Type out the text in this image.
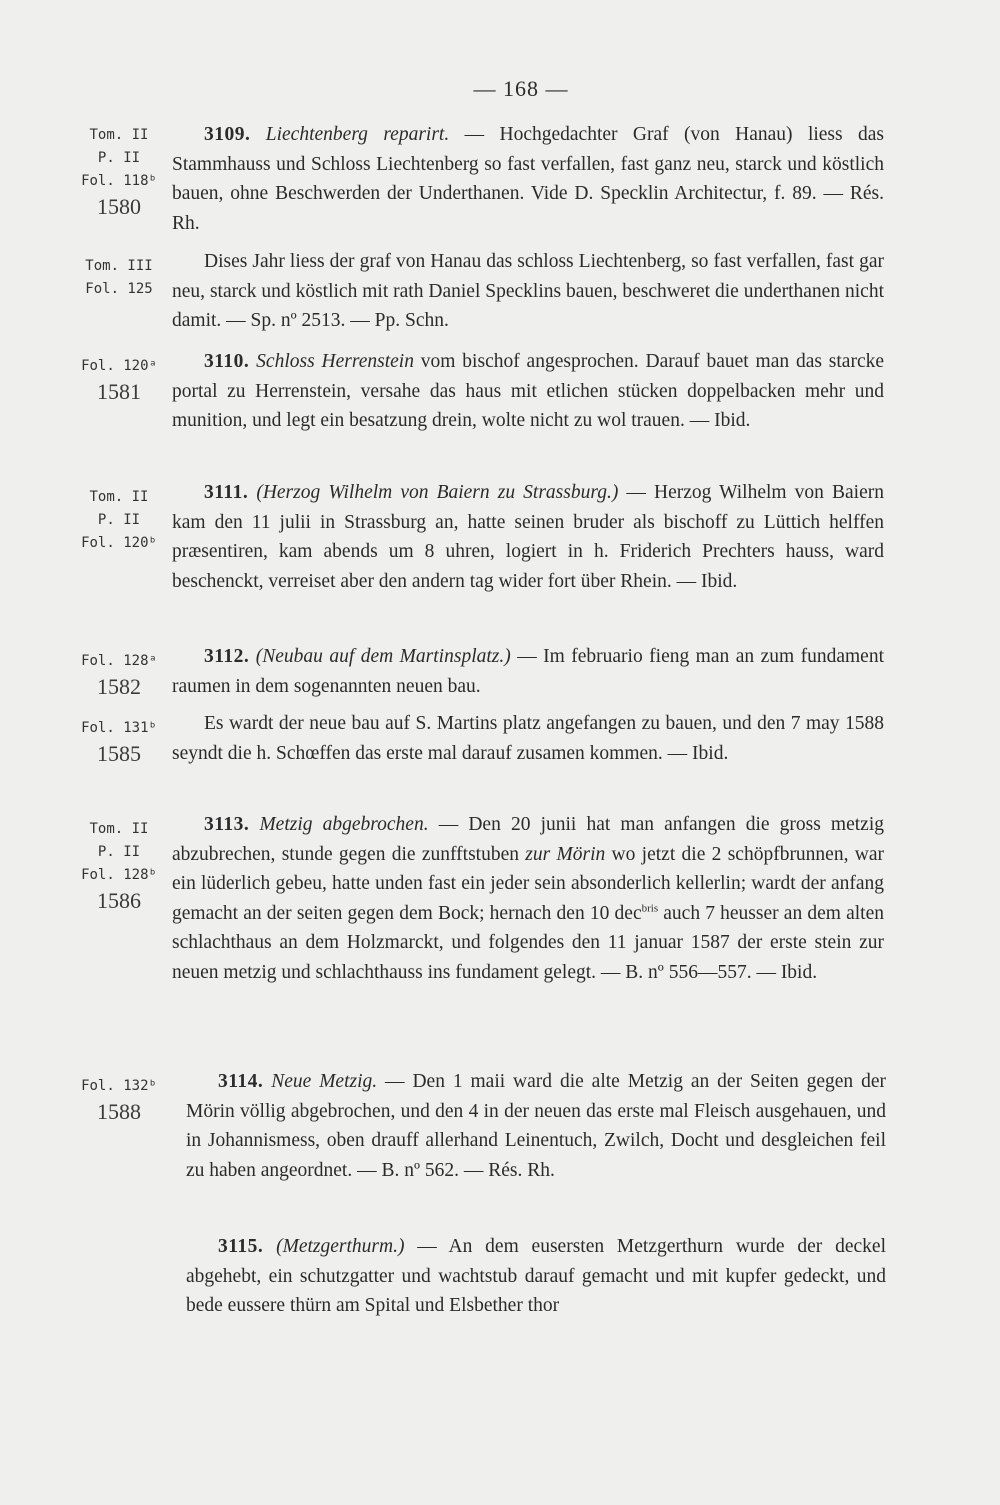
— 168 —
Tom. II
P. II
Fol. 118ᵇ
1580
Tom. III
Fol. 125
Fol. 120ᵃ
1581
Tom. II
P. II
Fol. 120ᵇ
Fol. 128ᵃ
1582
Fol. 131ᵇ
1585
Tom. II
P. II
Fol. 128ᵇ
1586
Fol. 132ᵇ
1588
3109. Liechtenberg reparirt. — Hochgedachter Graf (von Hanau) liess das Stammhauss und Schloss Liechtenberg so fast verfallen, fast ganz neu, starck und köstlich bauen, ohne Beschwerden der Underthanen. Vide D. Specklin Architectur, f. 89. — Rés. Rh.
Dises Jahr liess der graf von Hanau das schloss Liechtenberg, so fast verfallen, fast gar neu, starck und köstlich mit rath Daniel Specklins bauen, beschweret die underthanen nicht damit. — Sp. nº 2513. — Pp. Schn.
3110. Schloss Herrenstein vom bischof angesprochen. Darauf bauet man das starcke portal zu Herrenstein, versahe das haus mit etlichen stücken doppelbacken mehr und munition, und legt ein besatzung drein, wolte nicht zu wol trauen. — Ibid.
3111. (Herzog Wilhelm von Baiern zu Strassburg.) — Herzog Wilhelm von Baiern kam den 11 julii in Strassburg an, hatte seinen bruder als bischoff zu Lüttich helffen præsentiren, kam abends um 8 uhren, logiert in h. Friderich Prechters hauss, ward beschenckt, verreiset aber den andern tag wider fort über Rhein. — Ibid.
3112. (Neubau auf dem Martinsplatz.) — Im februario fieng man an zum fundament raumen in dem sogenannten neuen bau.
Es wardt der neue bau auf S. Martins platz angefangen zu bauen, und den 7 may 1588 seyndt die h. Schœffen das erste mal darauf zusamen kommen. — Ibid.
3113. Metzig abgebrochen. — Den 20 junii hat man anfangen die gross metzig abzubrechen, stunde gegen die zunfftstuben zur Mörin wo jetzt die 2 schöpfbrunnen, war ein lüderlich gebeu, hatte unden fast ein jeder sein absonderlich kellerlin; wardt der anfang gemacht an der seiten gegen dem Bock; hernach den 10 dec$^{bris}$ auch 7 heusser an dem alten schlachthaus an dem Holzmarckt, und folgendes den 11 januar 1587 der erste stein zur neuen metzig und schlachthauss ins fundament gelegt. — B. nº 556—557. — Ibid.
3114. Neue Metzig. — Den 1 maii ward die alte Metzig an der Seiten gegen der Mörin völlig abgebrochen, und den 4 in der neuen das erste mal Fleisch ausgehauen, und in Johannismess, oben drauff allerhand Leinentuch, Zwilch, Docht und desgleichen feil zu haben angeordnet. — B. nº 562. — Rés. Rh.
3115. (Metzgerthurm.) — An dem eusersten Metzgerthurn wurde der deckel abgehebt, ein schutzgatter und wachtstub darauf gemacht und mit kupfer gedeckt, und bede eussere thürn am Spital und Elsbether thor
